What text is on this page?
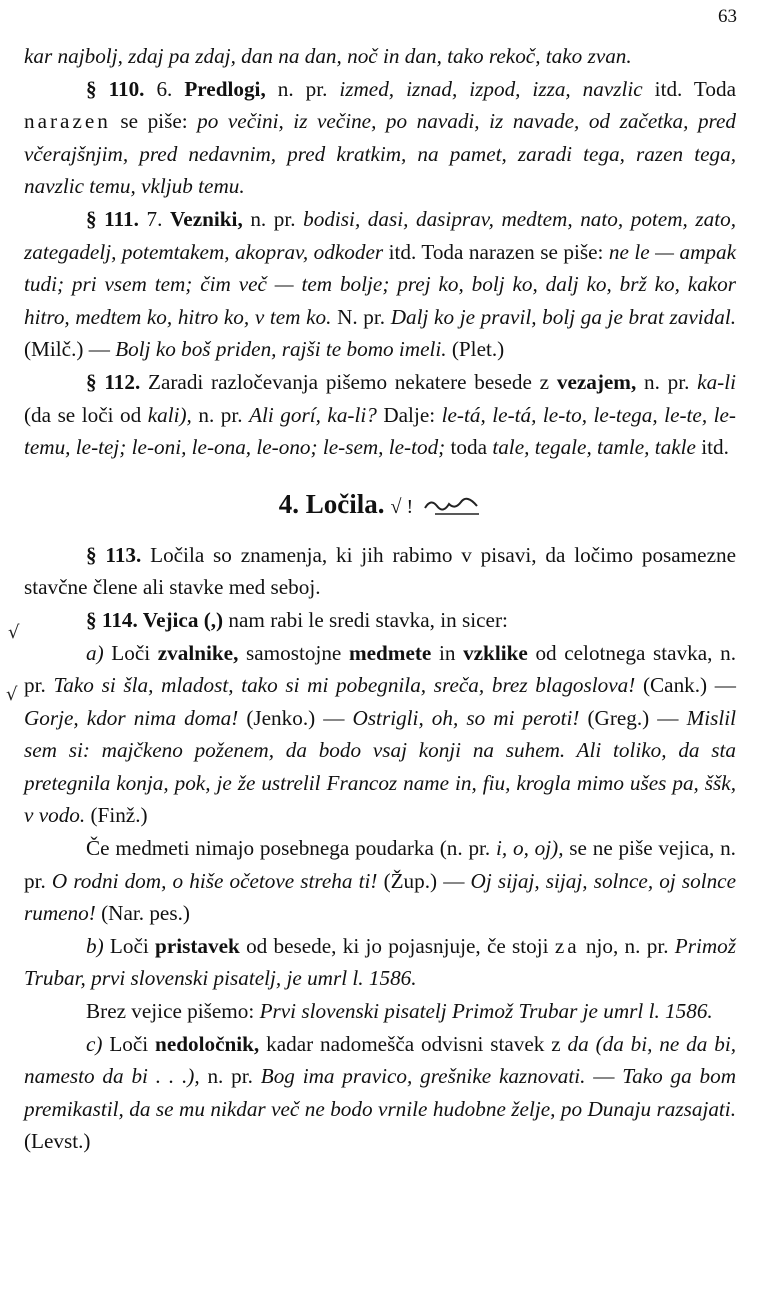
63

kar najbolj, zdaj pa zdaj, dan na dan, noč in dan, tako rekoč, tako zvan.

§ 110. 6. Predlogi, n. pr. izmed, iznad, izpod, izza, navzlic itd. Toda narazen se piše: po večini, iz večine, po navadi, iz navade, od začetka, pred včerajšnjim, pred nedavnim, pred kratkim, na pamet, zaradi tega, razen tega, navzlic temu, vkljub temu.

§ 111. 7. Vezniki, n. pr. bodisi, dasi, dasiprav, medtem, nato, potem, zato, zategadelj, potemtakem, akoprav, odkoder itd. Toda narazen se piše: ne le — ampak tudi; pri vsem tem; čim več — tem bolje; prej ko, bolj ko, dalj ko, brž ko, kakor hitro, medtem ko, hitro ko, v tem ko. N. pr. Dalj ko je pravil, bolj ga je brat zavidal. (Milč.) — Bolj ko boš priden, rajši te bomo imeli. (Plet.)

§ 112. Zaradi razločevanja pišemo nekatere besede z vezajem, n. pr. ka-li (da se loči od kali), n. pr. Ali gorí, ka-li? Dalje: le-tá, le-tá, le-to, le-tega, le-te, le-temu, le-tej; le-oni, le-ona, le-ono; le-sem, le-tod; toda tale, tegale, tamle, takle itd.

4. Ločila. √ !

§ 113. Ločila so znamenja, ki jih rabimo v pisavi, da ločimo posamezne stavčne člene ali stavke med seboj.

§ 114. Vejica (,) nam rabi le sredi stavka, in sicer:

a) Loči zvalnike, samostojne medmete in vzklike od celotnega stavka, n. pr. Tako si šla, mladost, tako si mi pobegnila, sreča, brez blagoslova! (Cank.) — Gorje, kdor nima doma! (Jenko.) — Ostrigli, oh, so mi peroti! (Greg.) — Mislil sem si: majčkeno poženem, da bodo vsaj konji na suhem. Ali toliko, da sta pretegnila konja, pok, je že ustrelil Francoz name in, fiu, krogla mimo ušes pa, ššk, v vodo. (Finž.)

Če medmeti nimajo posebnega poudarka (n. pr. i, o, oj), se ne piše vejica, n. pr. O rodni dom, o hiše očetove streha ti! (Žup.) — Oj sijaj, sijaj, solnce, oj solnce rumeno! (Nar. pes.)

b) Loči pristavek od besede, ki jo pojasnjuje, če stoji za njo, n. pr. Primož Trubar, prvi slovenski pisatelj, je umrl l. 1586.

Brez vejice pišemo: Prvi slovenski pisatelj Primož Trubar je umrl l. 1586.

c) Loči nedoločnik, kadar nadomešča odvisni stavek z da (da bi, ne da bi, namesto da bi . . .), n. pr. Bog ima pravico, grešnike kaznovati. — Tako ga bom premikastil, da se mu nikdar več ne bodo vrnile hudobne želje, po Dunaju razsajati. (Levst.)

√
√
